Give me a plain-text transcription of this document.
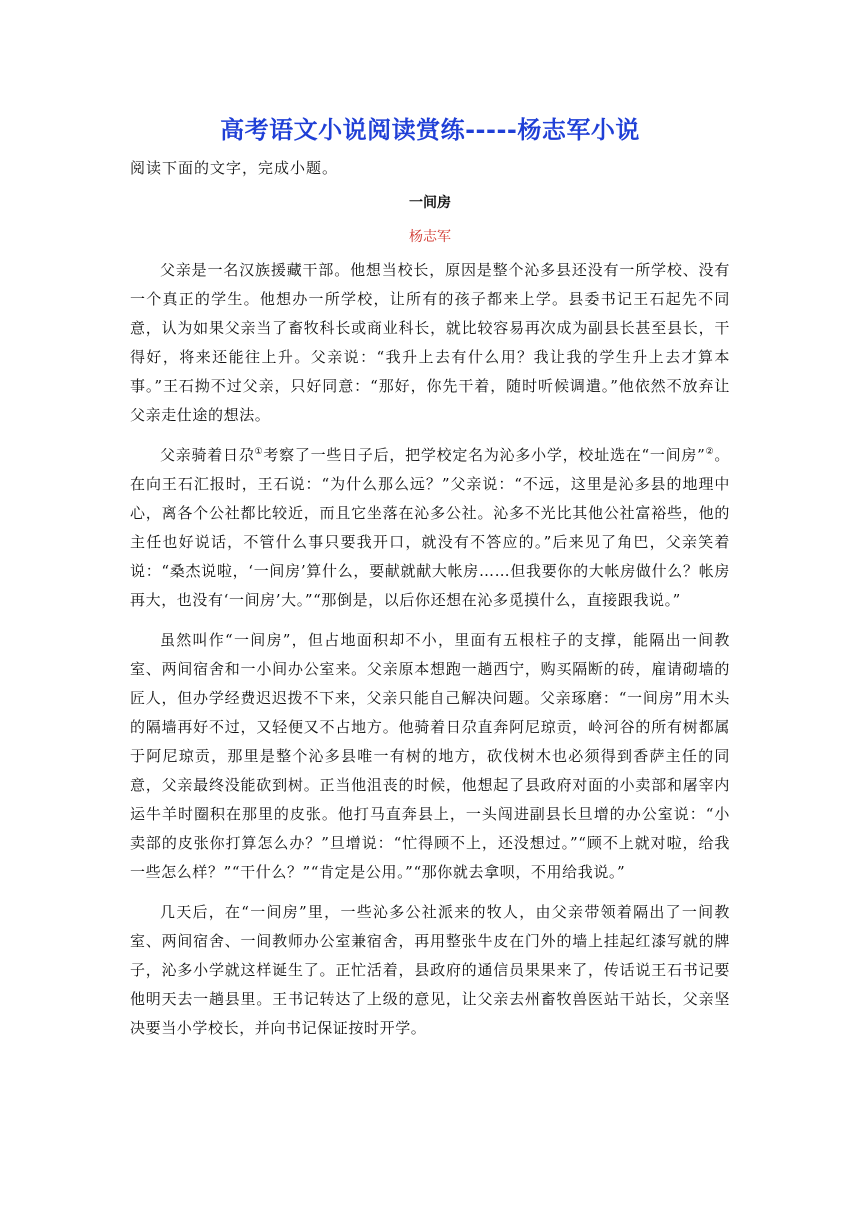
高考语文小说阅读赏练-----杨志军小说
阅读下面的文字，完成小题。
一间房
杨志军

父亲是一名汉族援藏干部。他想当校长，原因是整个沁多县还没有一所学校、没有一个真正的学生。他想办一所学校，让所有的孩子都来上学。县委书记王石起先不同意，认为如果父亲当了畜牧科长或商业科长，就比较容易再次成为副县长甚至县长，干得好，将来还能往上升。父亲说：“我升上去有什么用？我让我的学生升上去才算本事。”王石拗不过父亲，只好同意：“那好，你先干着，随时听候调遣。”他依然不放弃让父亲走仕途的想法。

父亲骑着日尕①考察了一些日子后，把学校定名为沁多小学，校址选在“一间房”②。在向王石汇报时，王石说：“为什么那么远？”父亲说：“不远，这里是沁多县的地理中心，离各个公社都比较近，而且它坐落在沁多公社。沁多不光比其他公社富裕些，他的主任也好说话，不管什么事只要我开口，就没有不答应的。”后来见了角巴，父亲笑着说：“桑杰说啦，‘一间房’算什么，要献就献大帐房……但我要你的大帐房做什么？帐房再大，也没有‘一间房’大。”“那倒是，以后你还想在沁多觅摸什么，直接跟我说。”

虽然叫作“一间房”，但占地面积却不小，里面有五根柱子的支撑，能隔出一间教室、两间宿舍和一小间办公室来。父亲原本想跑一趟西宁，购买隔断的砖，雇请砌墙的匠人，但办学经费迟迟拨不下来，父亲只能自己解决问题。父亲琢磨：“一间房”用木头的隔墙再好不过，又轻便又不占地方。他骑着日尕直奔阿尼琼贡，岭河谷的所有树都属于阿尼琼贡，那里是整个沁多县唯一有树的地方，砍伐树木也必须得到香萨主任的同意，父亲最终没能砍到树。正当他沮丧的时候，他想起了县政府对面的小卖部和屠宰内运牛羊时圈积在那里的皮张。他打马直奔县上，一头闯进副县长旦增的办公室说：“小卖部的皮张你打算怎么办？”旦增说：“忙得顾不上，还没想过。”“顾不上就对啦，给我一些怎么样？”“干什么？”“肯定是公用。”“那你就去拿呗，不用给我说。”

几天后，在“一间房”里，一些沁多公社派来的牧人，由父亲带领着隔出了一间教室、两间宿舍、一间教师办公室兼宿舍，再用整张牛皮在门外的墙上挂起红漆写就的牌子，沁多小学就这样诞生了。正忙活着，县政府的通信员果果来了，传话说王石书记要他明天去一趟县里。王书记转达了上级的意见，让父亲去州畜牧兽医站干站长，父亲坚决要当小学校长，并向书记保证按时开学。
